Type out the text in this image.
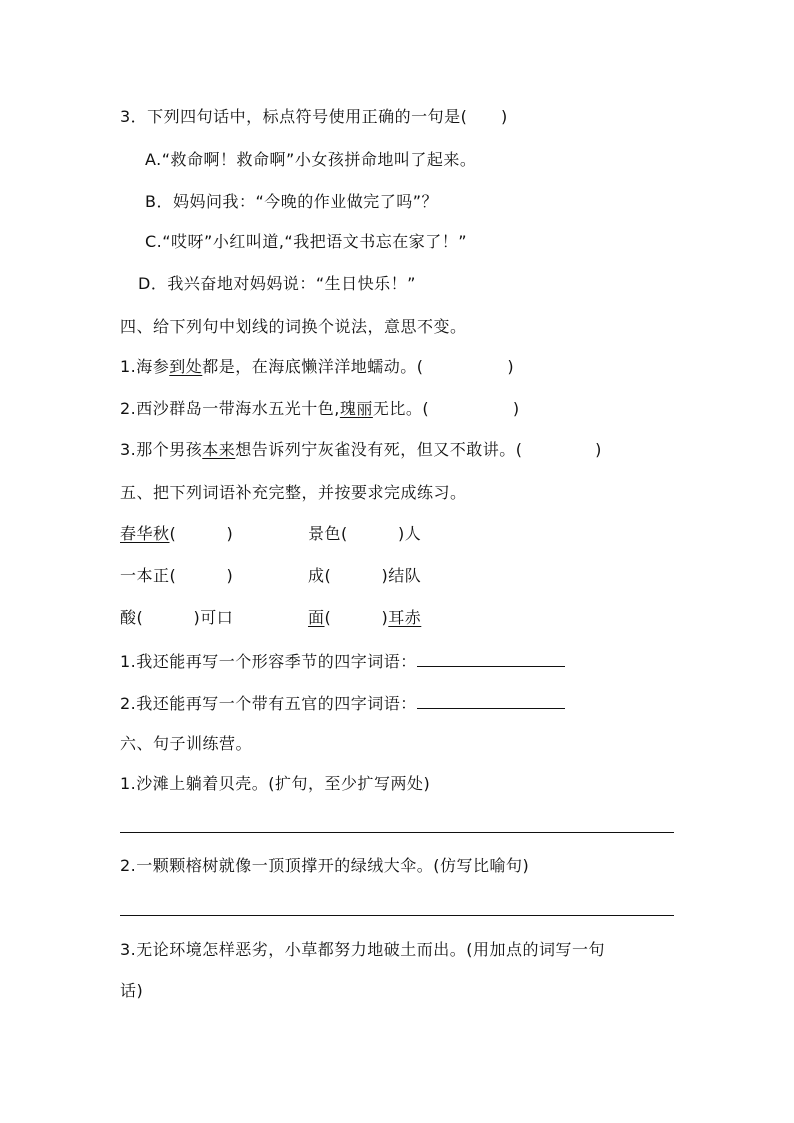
3．下列四句话中，标点符号使用正确的一句是(      )
A.“救命啊！救命啊”小女孩拼命地叫了起来。
B．妈妈问我：“今晚的作业做完了吗”？
C.“哎呀”小红叫道,“我把语文书忘在家了！”
D．我兴奋地对妈妈说：“生日快乐！”
四、给下列句中划线的词换个说法，意思不变。
1.海参到处都是，在海底懒洋洋地蠕动。(               )
2.西沙群岛一带海水五光十色,瑰丽无比。(               )
3.那个男孩本来想告诉列宁灰雀没有死，但又不敢讲。(             )
五、把下列词语补充完整，并按要求完成练习。
春华秋(         )	景色(         )人
一本正(         )	成(         )结队
酸(         )可口	面(         )耳赤
1.我还能再写一个形容季节的四字词语：
2.我还能再写一个带有五官的四字词语：
六、句子训练营。
1.沙滩上躺着贝壳。(扩句，至少扩写两处)
2.一颗颗榕树就像一顶顶撑开的绿绒大伞。(仿写比喻句)
3.无论环境怎样恶劣，小草都努力地破土而出。(用加点的词写一句
话)
